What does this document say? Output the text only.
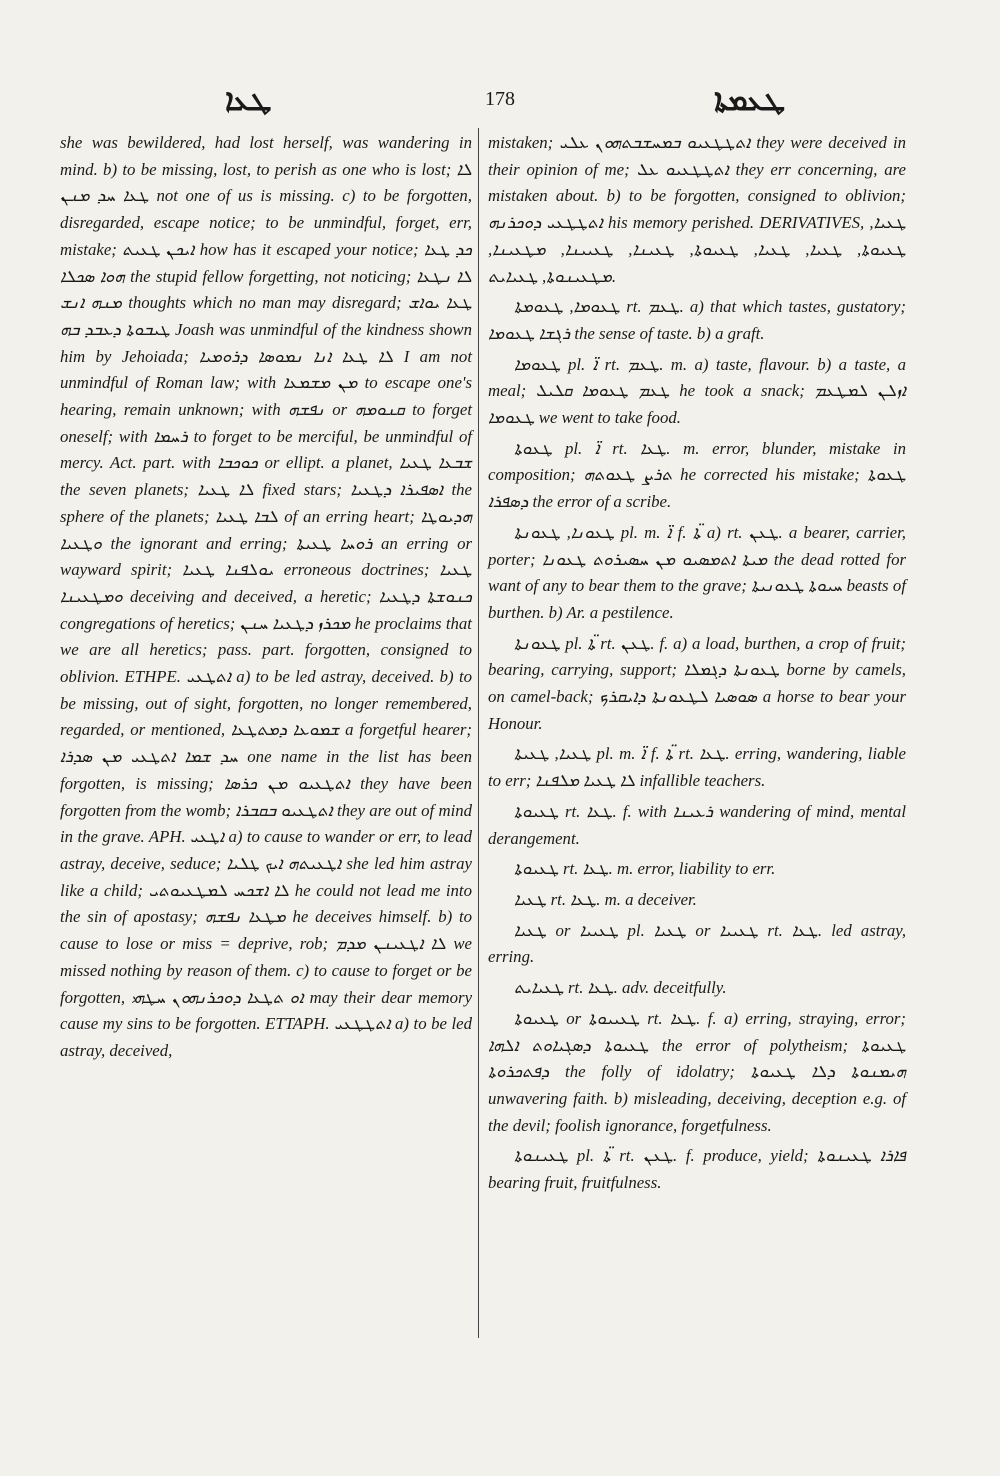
ܛܥܐ	178	ܛܥܡܬܐ

she was bewildered, had lost herself, was wandering in mind. b) to be missing, lost, to perish as one who is lost; ܠܐ ܛܥܐ ܚܕ ܡܢܢ not one of us is missing. c) to be forgotten, disregarded, escape notice; to be unmindful, forget, err, mistake; ܐܝܟܢ ܛܥܝܬ how has it escaped your notice; ܟܕ ܛܥܐ ܗܘܐ ܣܟܠܐ the stupid fellow forgetting, not noticing; ܠܐ ܢܛܥܐ ܡܢܗ ܐܢܫ thoughts which no man may disregard; ܛܥܐ ܝܘܐܫ ܛܝܒܘܬܐ ܕܥܒܕ ܒܗ Joash was unmindful of the kindness shown him by Jehoiada; ܠܐ ܛܥܐ ܐܢܐ ܢܡܘܣܐ ܕܪܘܡܝܐ I am not unmindful of Roman law; with ܡܢ ܡܫܡܥܐ to escape one's hearing, remain unknown; with ܢܦܫܗ or ܩܢܘܡܗ to forget oneself; with ܪܚܡܐ to forget to be merciful, be unmindful of mercy. Act. part. with ܟܘܟܒܐ or ellipt. a planet, ܫܒܥܐ ܛܥܝܐ the seven planets; ܠܐ ܛܥܝܐ fixed stars; ܐܣܦܝܪܐ ܕܛܥܝܐ the sphere of the planets; ܠܒܐ ܛܥܝܐ of an erring heart; ܗܕܝܘܛܐ ܘܛܥܝܐ the ignorant and erring; ܪܘܚܐ ܛܥܝܬܐ an erring or wayward spirit; ܝܘܠܦܢܐ ܛܥܝܐ erroneous doctrines; ܛܥܝܐ ܘܡܛܥܝܢܐ deceiving and deceived, a heretic; ܟܢܘܫܬܐ ܕܛܥܝܐ congregations of heretics; ܡܟܪܙ ܕܛܥܝܐ ܚܢܢ he proclaims that we are all heretics; pass. part. forgotten, consigned to oblivion. ETHPE. ܐܬܛܥܝ a) to be led astray, deceived. b) to be missing, out of sight, forgotten, no longer remembered, regarded, or mentioned, ܫܡܘܥܐ ܕܡܬܛܥܐ a forgetful hearer; ܚܕ ܫܡܐ ܐܬܛܥܝ ܡܢ ܣܕܪܐ one name in the list has been forgotten, is missing; ܐܬܛܥܝܘ ܡܢ ܟܪܣܐ they have been forgotten from the womb; ܐܬܛܥܝܘ ܒܩܒܪܐ they are out of mind in the grave. APH. ܐܛܥܝ a) to cause to wander or err, to lead astray, deceive, seduce; ܐܛܥܝܬܗ ܐܝܟ ܛܠܝܐ she led him astray like a child; ܠܐ ܐܫܟܚ ܠܡܛܥܝܘܬܝ he could not lead me into the sin of apostasy; ܡܛܥܐ ܢܦܫܗ he deceives himself. b) to cause to lose or miss = deprive, rob; ܠܐ ܐܛܥܝܢܢ ܡܕܡ we missed nothing by reason of them. c) to cause to forget or be forgotten, ܐܘ ܬܛܥܐ ܕܘܟܪܢܗܘܢ ܚܛܗܝ may their dear memory cause my sins to be forgotten. ETTAPH. ܐܬܛܛܥܝ a) to be led astray, deceived,

mistaken; ܐܬܛܛܥܝܘ ܒܡܚܫܒܬܗܘܢ ܥܠܝ they were deceived in their opinion of me; ܐܬܛܛܥܝܘ ܥܠ they err concerning, are mistaken about. b) to be forgotten, consigned to oblivion; ܐܬܛܛܥܝ ܕܘܟܪܢܗ his memory perished. DERIVATIVES, ܛܥܝܐ, ܛܥܝܘܬܐ, ܛܥܝܐ, ܛܥܝܐ, ܛܥܝܘܬܐ, ܛܥܝܢܐ, ܛܥܝܝܢܐ, ܡܛܥܝܢܐ, ܡܛܥܝܢܘܬܐ, ܛܥܝܐܝܬ.

ܛܥܘܡܐ, ܛܥܘܡܬܐ rt. ܛܥܡ. a) that which tastes, gustatory; ܪܓܫܐ ܛܥܘܡܐ the sense of taste. b) a graft.

ܛܥܘܡܐ pl. ܐ̈ rt. ܛܥܡ. m. a) taste, flavour. b) a taste, a meal; ܛܥܡ ܛܥܘܡܐ ܩܠܝܠ he took a snack; ܐܙܠܢ ܠܡܛܥܡ ܛܥܘܡܐ we went to take food.

ܛܥܘܬܐ pl. ܐ̈ rt. ܛܥܐ. m. error, blunder, mistake in composition; ܬܪܨ ܛܥܘܬܗ he corrected his mistake; ܛܥܘܬܐ ܕܣܦܪܐ the error of a scribe.

ܛܥܘܢܐ, ܛܥܘܢܬܐ pl. m. ܐ̈ f. ܬ̈ܐ a) rt. ܛܥܢ. a bearer, carrier, porter; ܡܝܬܐ ܐܬܡܣܝܘ ܡܢ ܚܣܝܪܘܬ ܛܥܘܢܐ the dead rotted for want of any to bear them to the grave; ܚܝܘܬܐ ܛܥܘܢܝܬܐ beasts of burthen. b) Ar. a pestilence.

ܛܥܘܢܬܐ pl. ܬ̈ܐ rt. ܛܥܢ. f. a) a load, burthen, a crop of fruit; bearing, carrying, support; ܛܥܘܢܬܐ ܕܓܡܠܐ borne by camels, on camel-back; ܣܘܣܝܐ ܠܛܥܘܢܬܐ ܕܐܝܩܪܟ a horse to bear your Honour.

ܛܥܝܐ, ܛܥܝܬܐ pl. m. ܐ̈ f. ܬ̈ܐ rt. ܛܥܐ. erring, wandering, liable to err; ܠܐ ܛܥܝܐ ܡܠܦܢܐ infallible teachers.

ܛܥܝܘܬܐ rt. ܛܥܐ. f. with ܪܥܝܢܐ wandering of mind, mental derangement.

ܛܥܝܘܬܐ rt. ܛܥܐ. m. error, liability to err.

ܛܥܝܐ rt. ܛܥܐ. m. a deceiver.

ܛܥܝܐ or ܛܥܝܝܐ pl. ܛܥܝܐ or ܛܥܝܝܐ rt. ܛܥܐ. led astray, erring.

ܛܥܝܐܝܬ rt. ܛܥܐ. adv. deceitfully.

ܛܥܝܘܬܐ or ܛܥܝܝܘܬܐ rt. ܛܥܐ. f. a) erring, straying, error; ܛܥܝܘܬܐ ܕܣܓܝܐܘܬ ܐܠܗܐ the error of polytheism; ܛܥܝܘܬܐ ܕܦܬܟܪܘܬܐ the folly of idolatry; ܗܝܡܢܘܬܐ ܕܠܐ ܛܥܝܘܬܐ unwavering faith. b) misleading, deceiving, deception e.g. of the devil; foolish ignorance, forgetfulness.

ܛܥܝܢܘܬܐ pl. ܬ̈ܐ rt. ܛܥܢ. f. produce, yield; ܦܐܪܐ ܛܥܝܢܘܬܐ bearing fruit, fruitfulness.
